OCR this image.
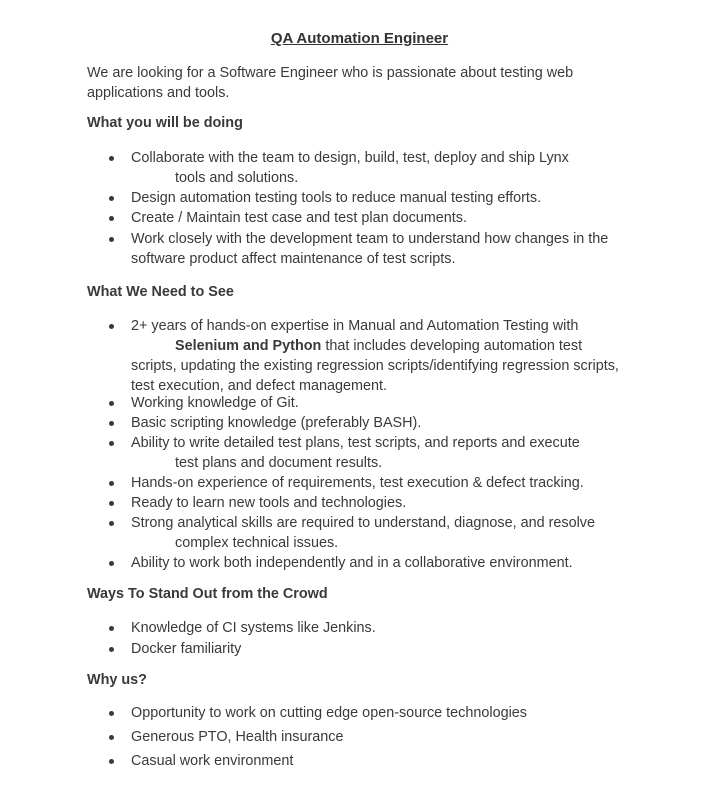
QA Automation Engineer

We are looking for a Software Engineer who is passionate about testing web
applications and tools.

What you will be doing
Collaborate with the team to design, build, test, deploy and ship Lynx
tools and solutions.
Design automation testing tools to reduce manual testing efforts.
Create / Maintain test case and test plan documents.
Work closely with the development team to understand how changes in the
software product affect maintenance of test scripts.
What We Need to See
2+ years of hands-on expertise in Manual and Automation Testing with
Selenium and Python that includes developing automation test
scripts, updating the existing regression scripts/identifying regression scripts,
test execution, and defect management.
Working knowledge of Git.
Basic scripting knowledge (preferably BASH).
Ability to write detailed test plans, test scripts, and reports and execute
test plans and document results.
Hands-on experience of requirements, test execution & defect tracking.
Ready to learn new tools and technologies.
Strong analytical skills are required to understand, diagnose, and resolve
complex technical issues.
Ability to work both independently and in a collaborative environment.
Ways To Stand Out from the Crowd
Knowledge of CI systems like Jenkins.
Docker familiarity
Why us?
Opportunity to work on cutting edge open-source technologies
Generous PTO, Health insurance
Casual work environment
